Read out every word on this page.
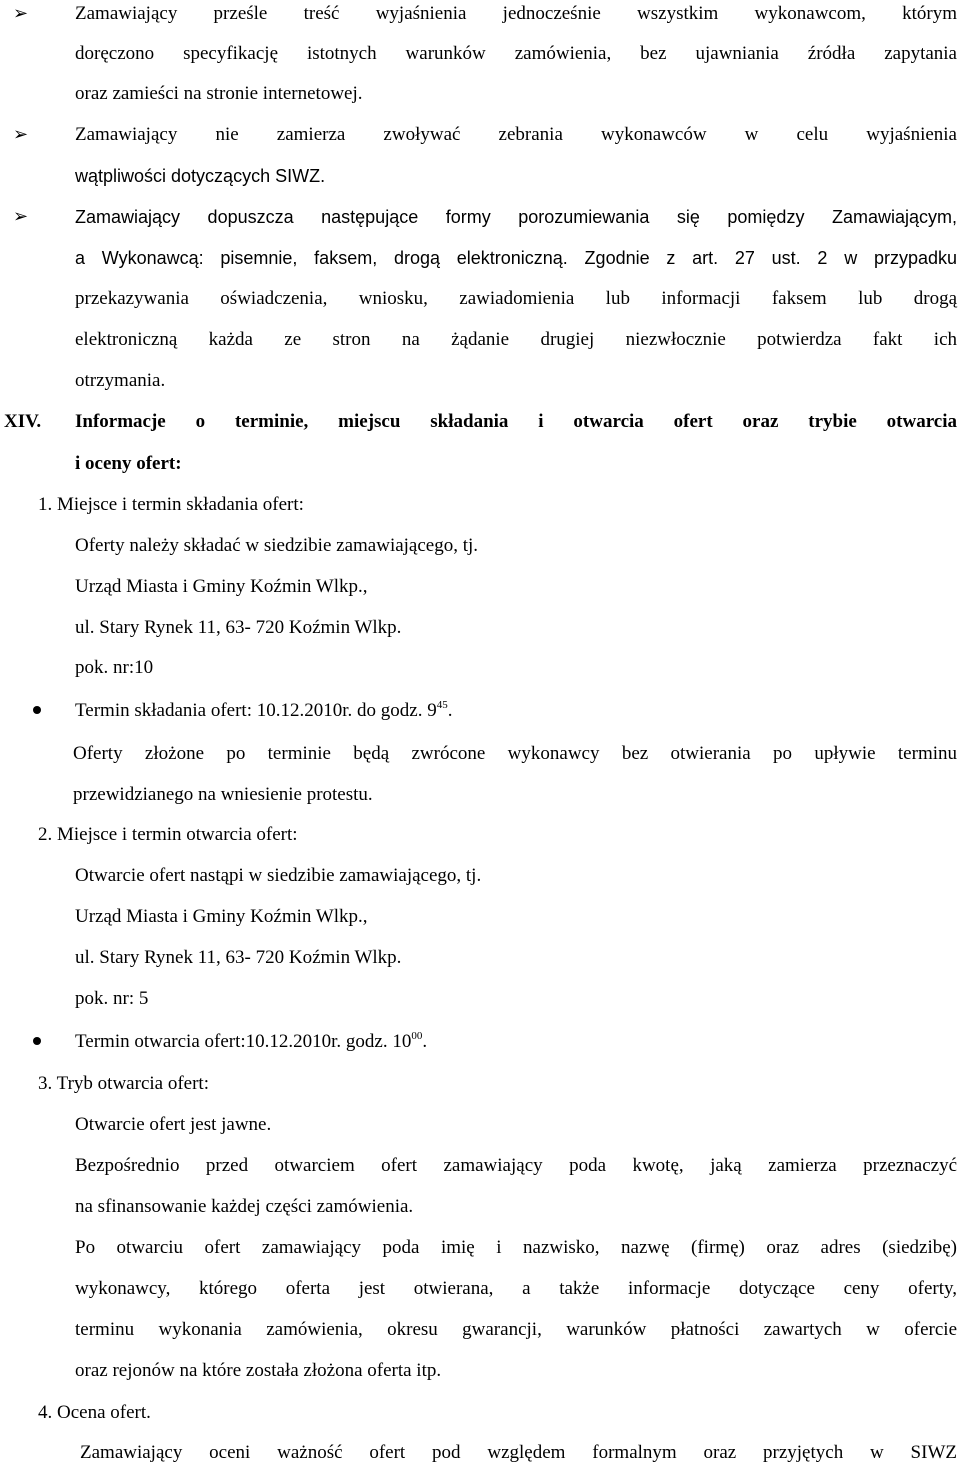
➢ Zamawiający prześle treść wyjaśnienia jednocześnie wszystkim wykonawcom, którym
doręczono specyfikację istotnych warunków zamówienia, bez ujawniania źródła zapytania
oraz zamieści na stronie internetowej.
➢ Zamawiający nie zamierza zwoływać zebrania wykonawców w celu wyjaśnienia
wątpliwości dotyczących SIWZ.
➢	Zamawiający dopuszcza następujące formy porozumiewania się pomiędzy Zamawiającym,
a Wykonawcą: pisemnie, faksem, drogą elektroniczną. Zgodnie z art. 27 ust. 2 w przypadku
przekazywania oświadczenia, wniosku, zawiadomienia lub informacji faksem lub drogą
elektroniczną każda ze stron na żądanie drugiej niezwłocznie potwierdza fakt ich
otrzymania.
XIV. Informacje o terminie, miejscu składania i otwarcia ofert oraz trybie otwarcia
i oceny ofert:
1. Miejsce i termin składania ofert:
Oferty należy składać w siedzibie zamawiającego, tj.
Urząd Miasta i Gminy Koźmin Wlkp.,
ul. Stary Rynek 11, 63- 720 Koźmin Wlkp.
pok. nr:10
Termin składania ofert: 10.12.2010r. do godz. $9^{45}$.
Oferty złożone po terminie będą zwrócone wykonawcy bez otwierania po upływie terminu
przewidzianego na wniesienie protestu.
2. Miejsce i termin otwarcia ofert:
Otwarcie ofert nastąpi w siedzibie zamawiającego, tj.
Urząd Miasta i Gminy Koźmin Wlkp.,
ul. Stary Rynek 11, 63- 720 Koźmin Wlkp.
pok. nr: 5
Termin otwarcia ofert:10.12.2010r. godz. $10^{00}$.
3. Tryb otwarcia ofert:
Otwarcie ofert jest jawne.
Bezpośrednio przed otwarciem ofert zamawiający poda kwotę, jaką zamierza przeznaczyć
na sfinansowanie każdej części zamówienia.
Po otwarciu ofert zamawiający poda imię i nazwisko, nazwę (firmę) oraz adres (siedzibę)
wykonawcy, którego oferta jest otwierana, a także informacje dotyczące ceny oferty,
terminu wykonania zamówienia, okresu gwarancji, warunków płatności zawartych w ofercie
oraz rejonów na które została złożona oferta itp.
4. Ocena ofert.
Zamawiający oceni ważność ofert pod względem formalnym oraz przyjętych w SIWZ
